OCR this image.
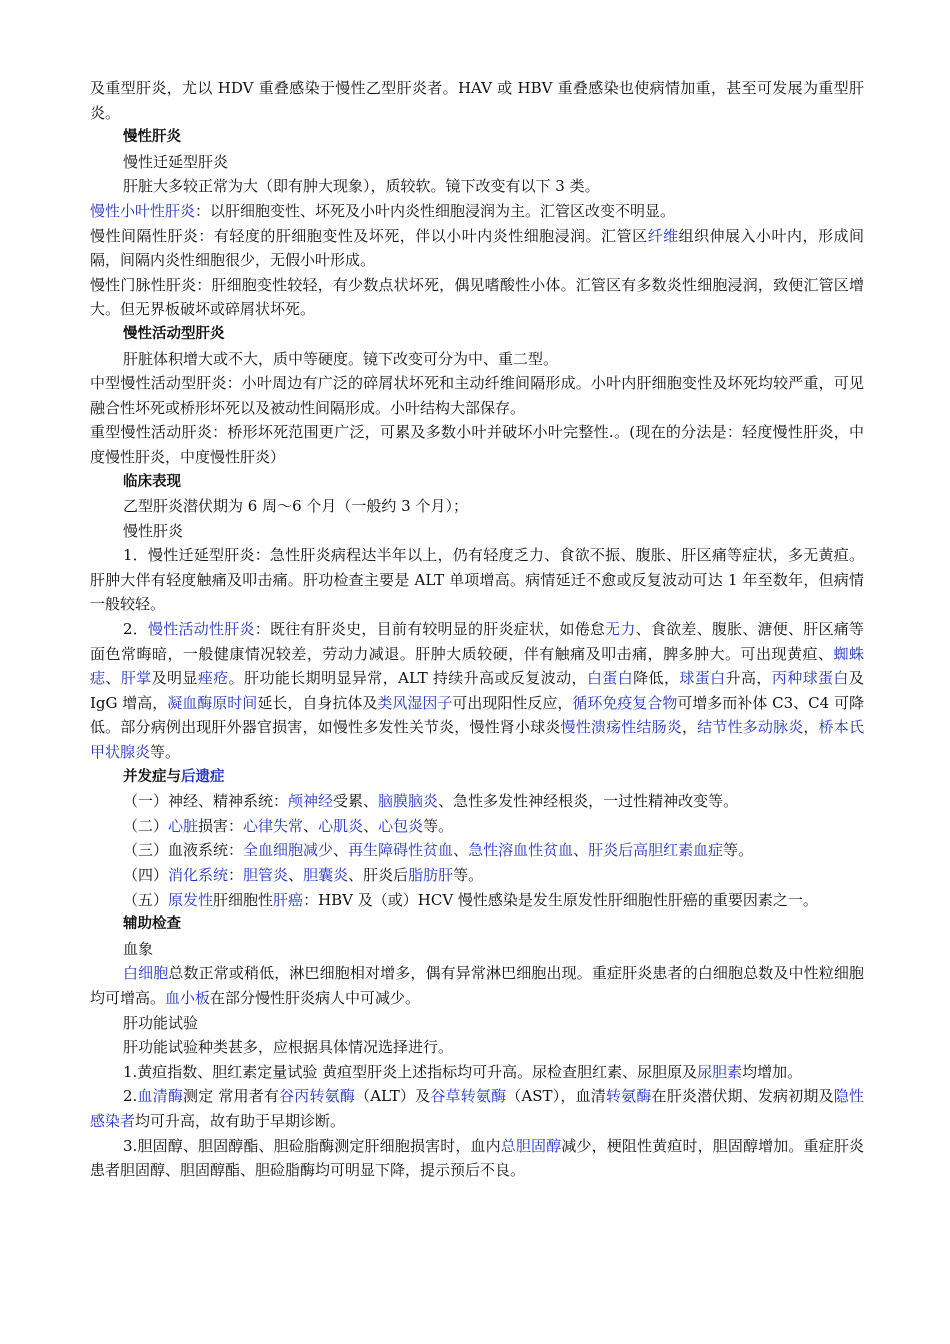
及重型肝炎，尤以 HDV 重叠感染于慢性乙型肝炎者。HAV 或 HBV 重叠感染也使病情加重，甚至可发展为重型肝炎。

慢性肝炎

慢性迁延型肝炎

肝脏大多较正常为大（即有肿大现象），质较软。镜下改变有以下 3 类。

慢性小叶性肝炎：以肝细胞变性、坏死及小叶内炎性细胞浸润为主。汇管区改变不明显。

慢性间隔性肝炎：有轻度的肝细胞变性及坏死，伴以小叶内炎性细胞浸润。汇管区纤维组织伸展入小叶内，形成间隔，间隔内炎性细胞很少，无假小叶形成。

慢性门脉性肝炎：肝细胞变性较轻，有少数点状坏死，偶见嗜酸性小体。汇管区有多数炎性细胞浸润，致便汇管区增大。但无界板破坏或碎屑状坏死。

慢性活动型肝炎

肝脏体积增大或不大，质中等硬度。镜下改变可分为中、重二型。

中型慢性活动型肝炎：小叶周边有广泛的碎屑状坏死和主动纤维间隔形成。小叶内肝细胞变性及坏死均较严重，可见融合性坏死或桥形坏死以及被动性间隔形成。小叶结构大部保存。

重型慢性活动肝炎：桥形坏死范围更广泛，可累及多数小叶并破坏小叶完整性.。(现在的分法是：轻度慢性肝炎，中度慢性肝炎，中度慢性肝炎）

临床表现

乙型肝炎潜伏期为 6 周～6 个月（一般约 3 个月）；

慢性肝炎

1．慢性迁延型肝炎：急性肝炎病程达半年以上，仍有轻度乏力、食欲不振、腹胀、肝区痛等症状，多无黄疸。肝肿大伴有轻度触痛及叩击痛。肝功检查主要是 ALT 单项增高。病情延迁不愈或反复波动可达 1 年至数年，但病情一般较轻。

2．慢性活动性肝炎：既往有肝炎史，目前有较明显的肝炎症状，如倦怠无力、食欲差、腹胀、溏便、肝区痛等面色常晦暗，一般健康情况较差，劳动力减退。肝肿大质较硬，伴有触痛及叩击痛，脾多肿大。可出现黄疸、蜘蛛痣、肝掌及明显痤疮。肝功能长期明显异常，ALT 持续升高或反复波动，白蛋白降低，球蛋白升高，丙种球蛋白及 IgG 增高，凝血酶原时间延长，自身抗体及类风湿因子可出现阳性反应，循环免疫复合物可增多而补体 C3、C4 可降低。部分病例出现肝外器官损害，如慢性多发性关节炎，慢性肾小球炎慢性溃疡性结肠炎，结节性多动脉炎，桥本氏甲状腺炎等。

并发症与后遗症

（一）神经、精神系统：颅神经受累、脑膜脑炎、急性多发性神经根炎，一过性精神改变等。

（二）心脏损害：心律失常、心肌炎、心包炎等。

（三）血液系统：全血细胞减少、再生障碍性贫血、急性溶血性贫血、肝炎后高胆红素血症等。

（四）消化系统：胆管炎、胆囊炎、肝炎后脂肪肝等。

（五）原发性肝细胞性肝癌：HBV 及（或）HCV 慢性感染是发生原发性肝细胞性肝癌的重要因素之一。

辅助检查

血象

白细胞总数正常或稍低，淋巴细胞相对增多，偶有异常淋巴细胞出现。重症肝炎患者的白细胞总数及中性粒细胞均可增高。血小板在部分慢性肝炎病人中可减少。

肝功能试验

肝功能试验种类甚多，应根据具体情况选择进行。

1.黄疸指数、胆红素定量试验 黄疸型肝炎上述指标均可升高。尿检查胆红素、尿胆原及尿胆素均增加。

2.血清酶测定 常用者有谷丙转氨酶（ALT）及谷草转氨酶（AST），血清转氨酶在肝炎潜伏期、发病初期及隐性感染者均可升高，故有助于早期诊断。

3.胆固醇、胆固醇酯、胆硷脂酶测定肝细胞损害时，血内总胆固醇减少，梗阻性黄疸时，胆固醇增加。重症肝炎患者胆固醇、胆固醇酯、胆硷脂酶均可明显下降，提示预后不良。
